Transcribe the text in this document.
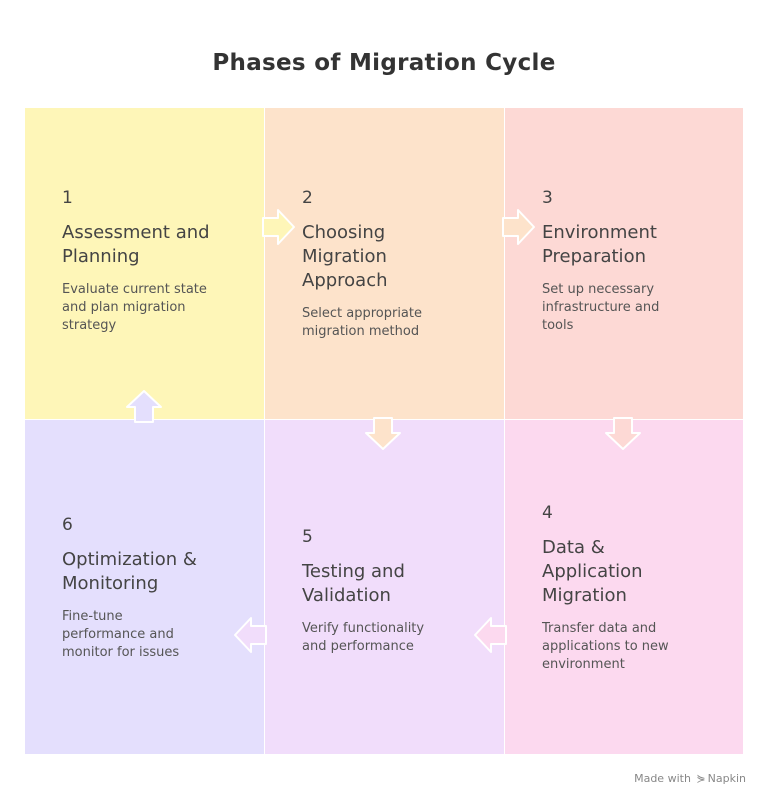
Phases of Migration Cycle
1
Assessment and
Planning
Evaluate current state
and plan migration
strategy
2
Choosing
Migration
Approach
Select appropriate
migration method
3
Environment
Preparation
Set up necessary
infrastructure and
tools
6
Optimization &
Monitoring
Fine-tune
performance and
monitor for issues
5
Testing and
Validation
Verify functionality
and performance
4
Data &
Application
Migration
Transfer data and
applications to new
environment
Made with ⋟ Napkin
